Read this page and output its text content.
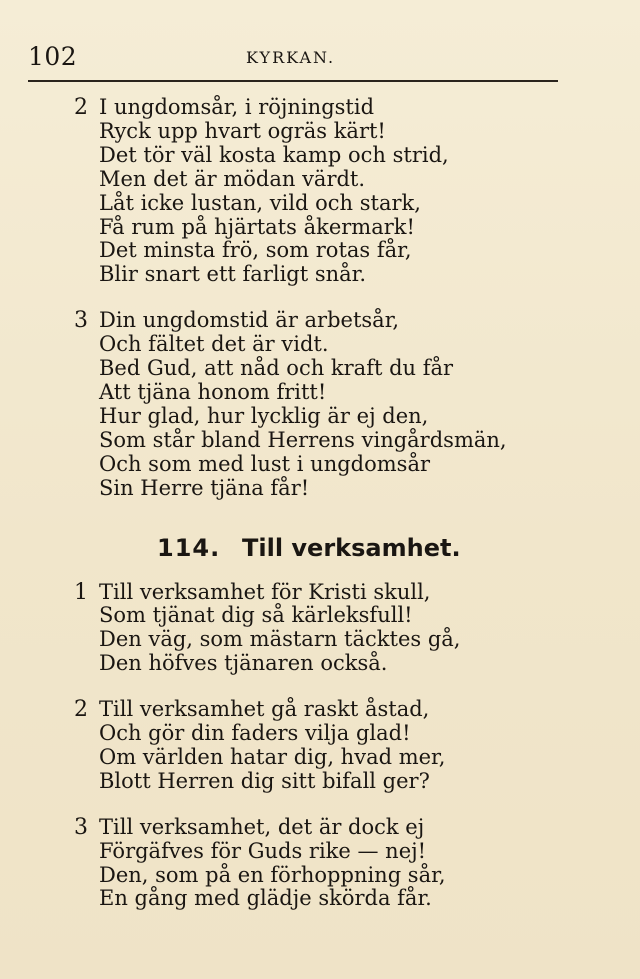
102	KYRKAN.
2 I ungdomsår, i röjningstid
Ryck upp hvart ogräs kärt!
Det tör väl kosta kamp och strid,
Men det är mödan värdt.
Låt icke lustan, vild och stark,
Få rum på hjärtats åkermark!
Det minsta frö, som rotas får,
Blir snart ett farligt snår.
3 Din ungdomstid är arbetsår,
Och fältet det är vidt.
Bed Gud, att nåd och kraft du får
Att tjäna honom fritt!
Hur glad, hur lycklig är ej den,
Som står bland Herrens vingårdsmän,
Och som med lust i ungdomsår
Sin Herre tjäna får!
114. Till verksamhet.
1 Till verksamhet för Kristi skull,
Som tjänat dig så kärleksfull!
Den väg, som mästarn täcktes gå,
Den höfves tjänaren också.
2 Till verksamhet gå raskt åstad,
Och gör din faders vilja glad!
Om världen hatar dig, hvad mer,
Blott Herren dig sitt bifall ger?
3 Till verksamhet, det är dock ej
Förgäfves för Guds rike — nej!
Den, som på en förhoppning sår,
En gång med glädje skörda får.
